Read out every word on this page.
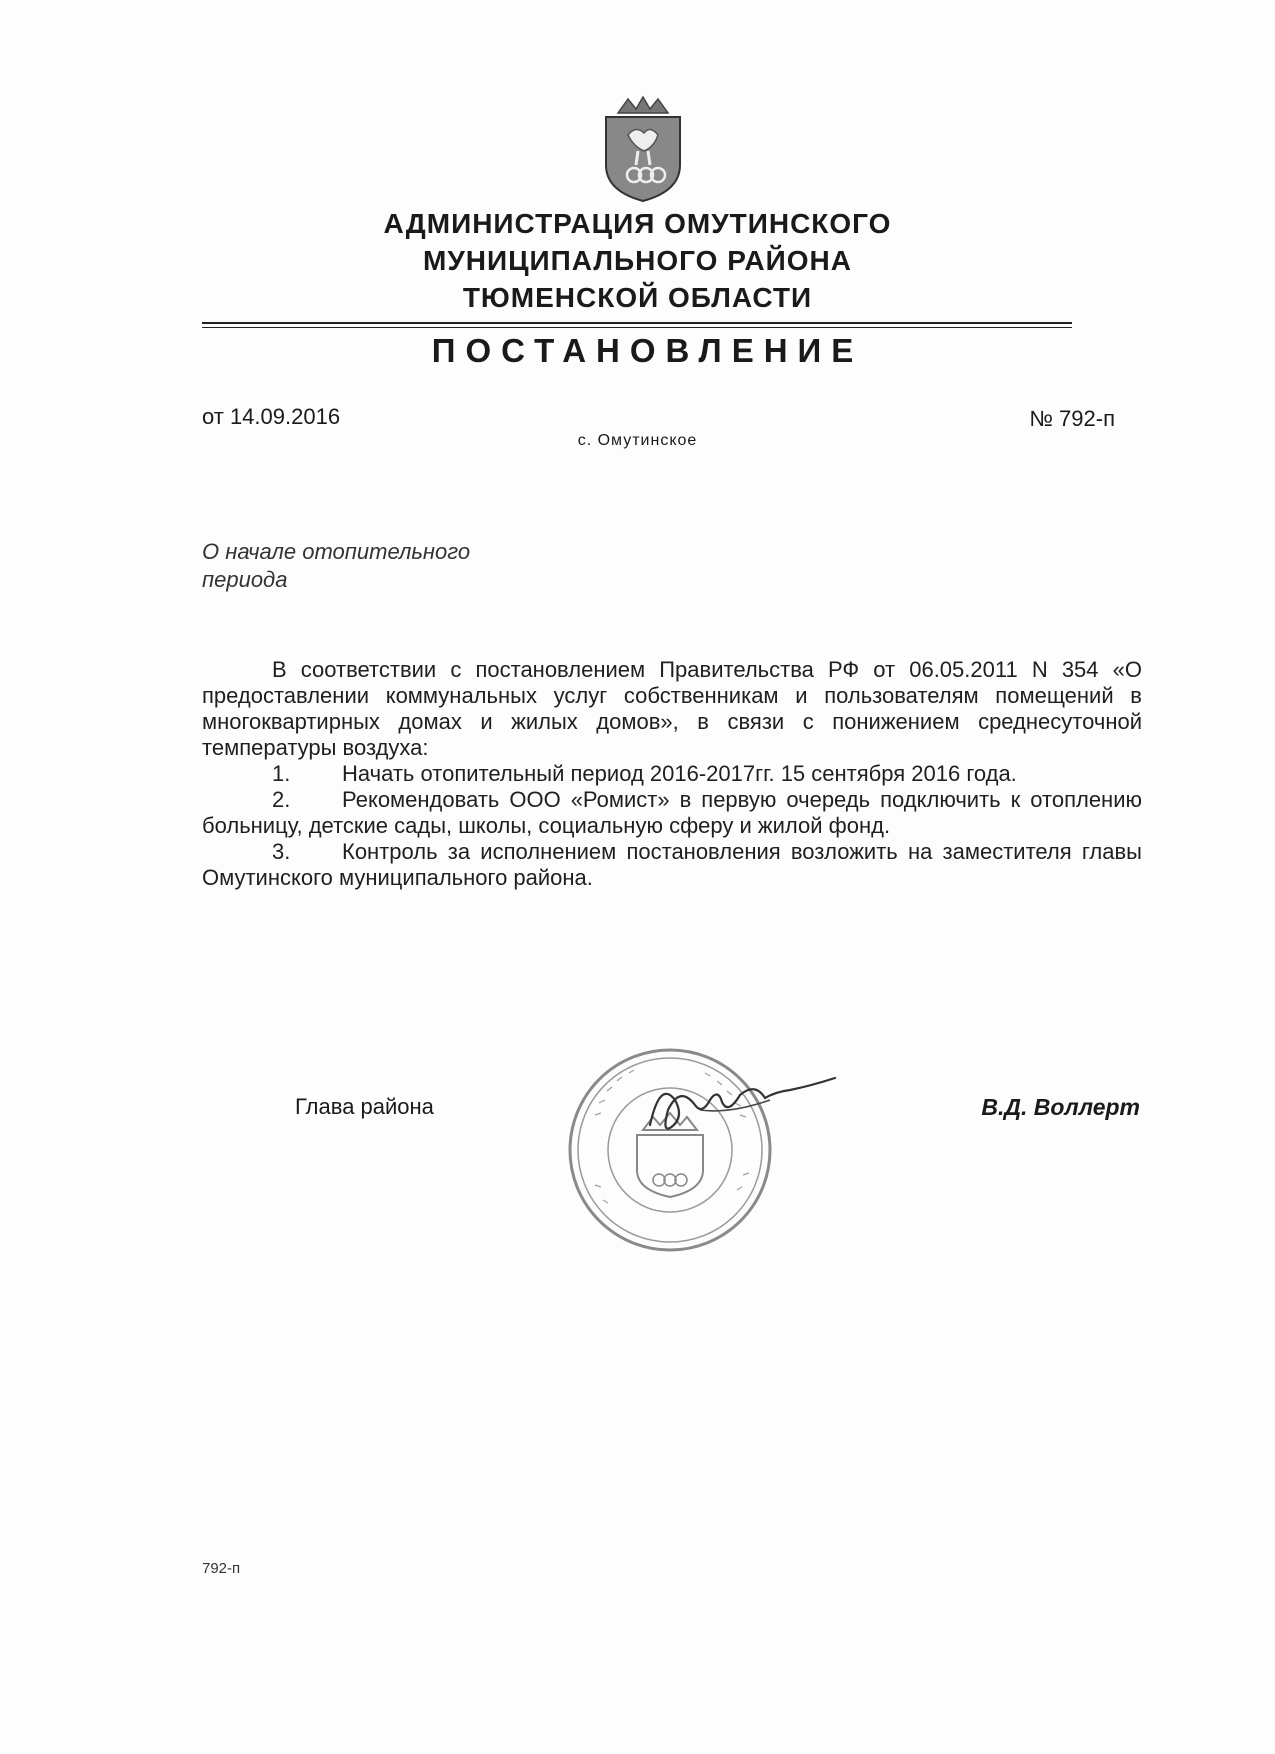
АДМИНИСТРАЦИЯ ОМУТИНСКОГО
МУНИЦИПАЛЬНОГО РАЙОНА
ТЮМЕНСКОЙ ОБЛАСТИ
ПОСТАНОВЛЕНИЕ
от 14.09.2016	№ 792-п
с. Омутинское
О начале отопительного
периода
В соответствии с постановлением Правительства РФ от 06.05.2011 N 354 «О предоставлении коммунальных услуг собственникам и пользователям помещений в многоквартирных домах и жилых домов», в связи с понижением среднесуточной температуры воздуха:
1. Начать отопительный период 2016-2017гг. 15 сентября 2016 года.
2. Рекомендовать ООО «Ромист» в первую очередь подключить к отоплению больницу, детские сады, школы, социальную сферу и жилой фонд.
3. Контроль за исполнением постановления возложить на заместителя главы Омутинского муниципального района.
Глава района	В.Д. Воллерт
792-п
